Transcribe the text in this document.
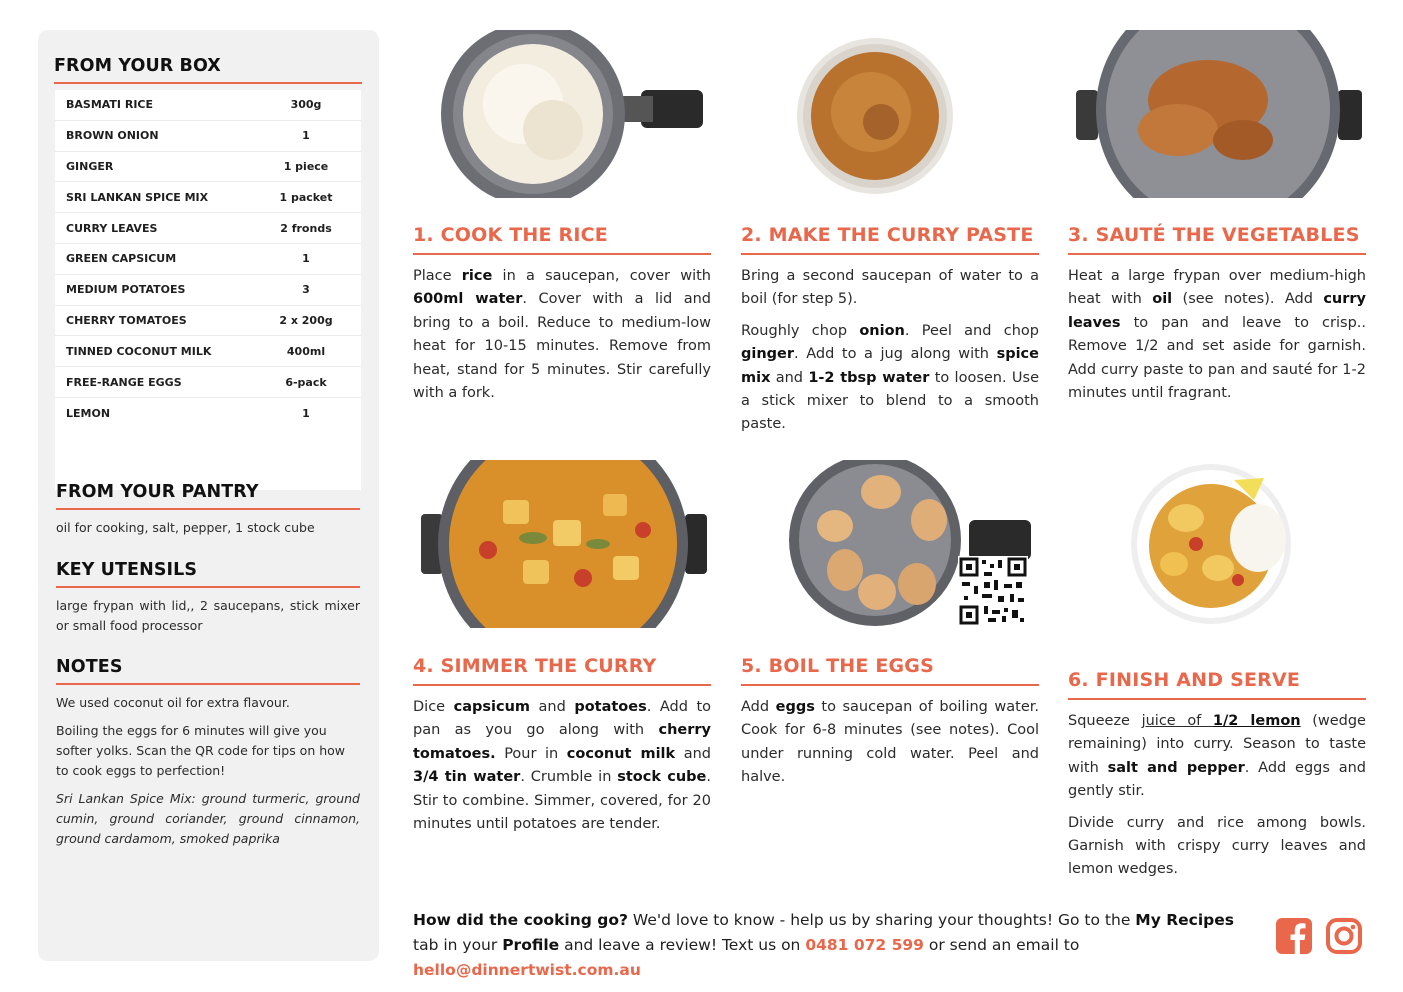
FROM YOUR BOX
BASMATI RICE	300g
BROWN ONION	1
GINGER	1 piece
SRI LANKAN SPICE MIX	1 packet
CURRY LEAVES	2 fronds
GREEN CAPSICUM	1
MEDIUM POTATOES	3
CHERRY TOMATOES	2 x 200g
TINNED COCONUT MILK	400ml
FREE-RANGE EGGS	6-pack
LEMON	1
FROM YOUR PANTRY
oil for cooking, salt, pepper, 1 stock cube
KEY UTENSILS
large frypan with lid,, 2 saucepans, stick mixer or small food processor
NOTES
We used coconut oil for extra flavour.
Boiling the eggs for 6 minutes will give you softer yolks. Scan the QR code for tips on how to cook eggs to perfection!
Sri Lankan Spice Mix: ground turmeric, ground cumin, ground coriander, ground cinnamon, ground cardamom, smoked paprika
1. COOK THE RICE

Place rice in a saucepan, cover with 600ml water. Cover with a lid and bring to a boil. Reduce to medium-low heat for 10-15 minutes. Remove from heat, stand for 5 minutes. Stir carefully with a fork.

2. MAKE THE CURRY PASTE

Bring a second saucepan of water to a boil (for step 5).

Roughly chop onion. Peel and chop ginger. Add to a jug along with spice mix and 1-2 tbsp water to loosen. Use a stick mixer to blend to a smooth paste.

3. SAUTÉ THE VEGETABLES

Heat a large frypan over medium-high heat with oil (see notes). Add curry leaves to pan and leave to crisp.. Remove 1/2 and set aside for garnish. Add curry paste to pan and sauté for 1-2 minutes until fragrant.

4. SIMMER THE CURRY

Dice capsicum and potatoes. Add to pan as you go along with cherry tomatoes. Pour in coconut milk and 3/4 tin water. Crumble in stock cube. Stir to combine. Simmer, covered, for 20 minutes until potatoes are tender.

5. BOIL THE EGGS

Add eggs to saucepan of boiling water. Cook for 6-8 minutes (see notes). Cool under running cold water. Peel and halve.

6. FINISH AND SERVE

Squeeze juice of 1/2 lemon (wedge remaining) into curry. Season to taste with salt and pepper. Add eggs and gently stir.

Divide curry and rice among bowls. Garnish with crispy curry leaves and lemon wedges.

How did the cooking go? We'd love to know - help us by sharing your thoughts! Go to the My Recipes tab in your Profile and leave a review! Text us on 0481 072 599 or send an email to hello@dinnertwist.com.au
